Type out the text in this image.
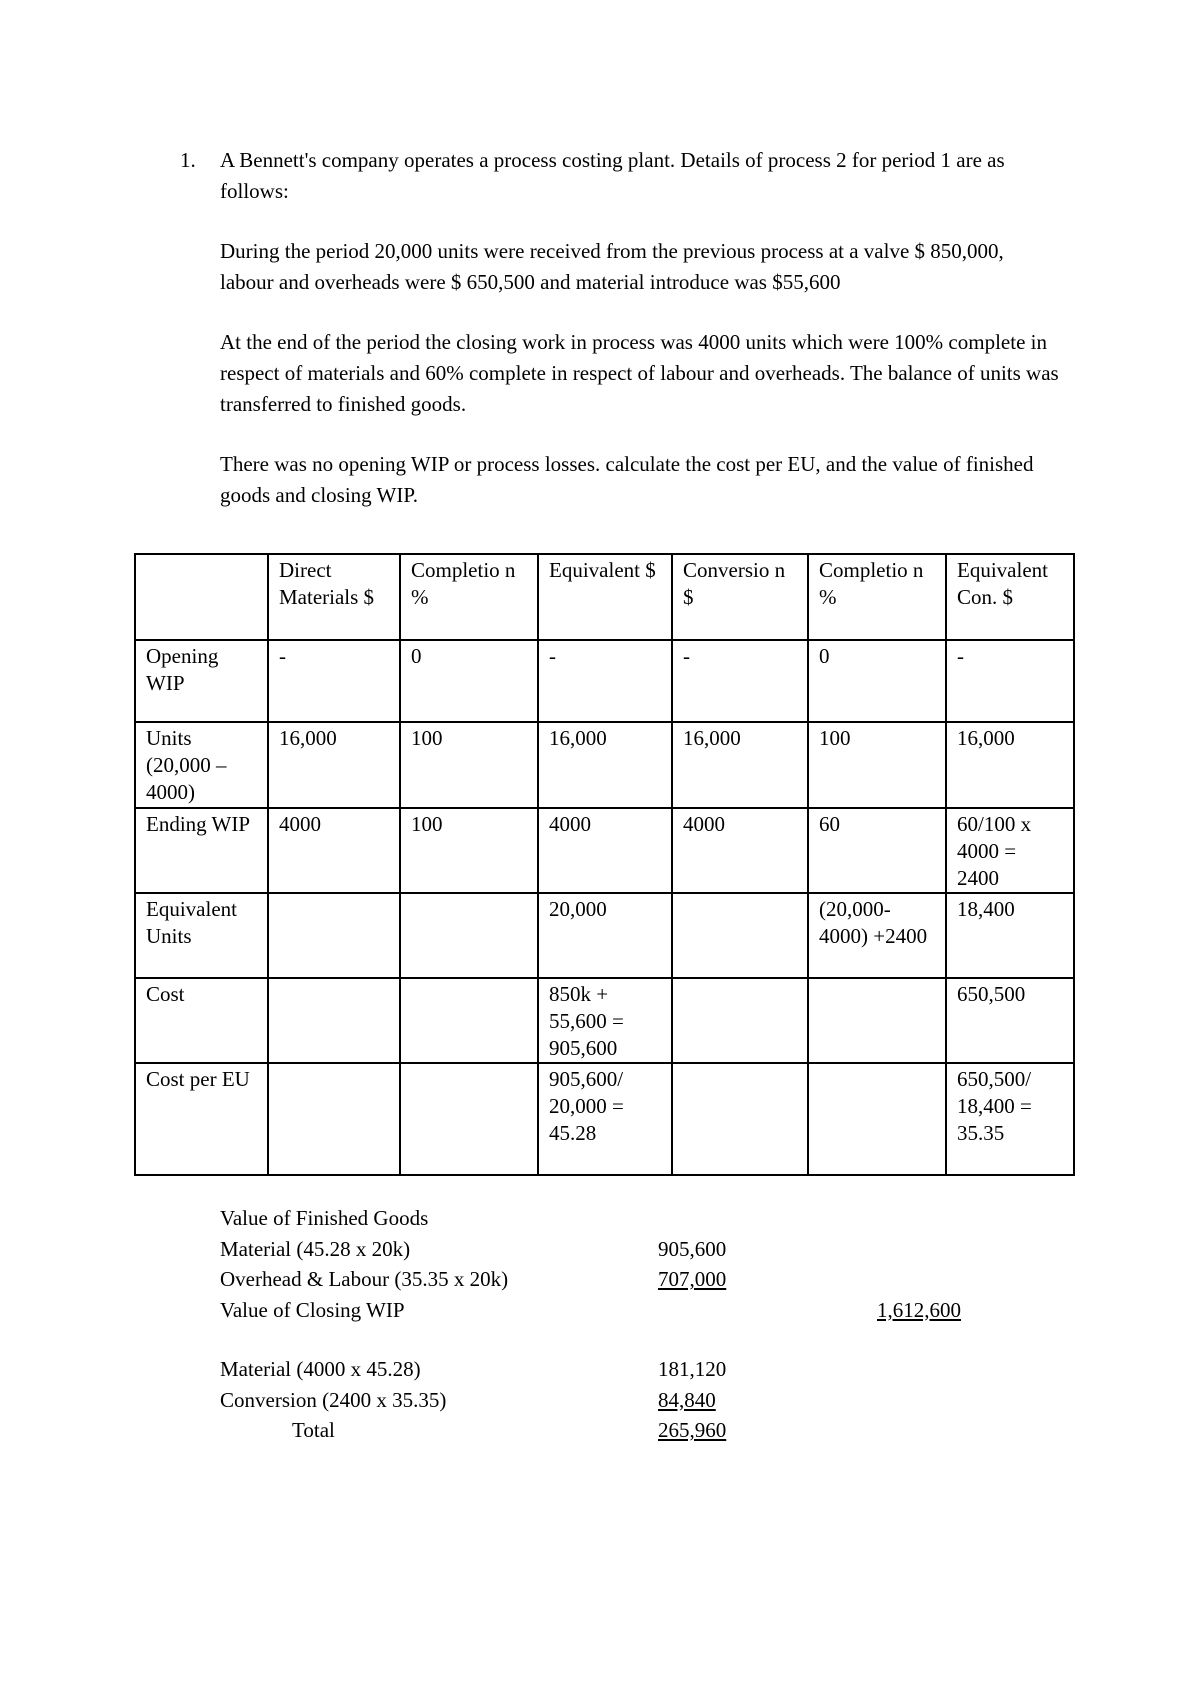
1.	A Bennett's company operates a process costing plant. Details of process 2 for period 1 are as follows:

During the period 20,000 units were received from the previous process at a valve $ 850,000, labour and overheads were $ 650,500 and material introduce was $55,600

At the end of the period the closing work in process was 4000 units which were 100% complete in respect of materials and 60% complete in respect of labour and overheads. The balance of units was transferred to finished goods.

There was no opening WIP or process losses. calculate the cost per EU, and the value of finished goods and closing WIP.

	Direct Materials $	Completio n %	Equivalent $	Conversio n $	Completio n %	Equivalent Con. $
Opening WIP	-	0	-	-	0	-
Units (20,000 – 4000)	16,000	100	16,000	16,000	100	16,000
Ending WIP	4000	100	4000	4000	60	60/100 x 4000 = 2400
Equivalent Units			20,000		(20,000-4000) +2400	18,400
Cost			850k + 55,600 = 905,600			650,500
Cost per EU			905,600/ 20,000 = 45.28			650,500/ 18,400 = 35.35
Value of Finished Goods
Material (45.28 x 20k)	905,600
Overhead & Labour (35.35 x 20k)	707,000
Value of Closing WIP	1,612,600
Material (4000 x 45.28)	181,120
Conversion (2400 x 35.35)	84,840
Total	265,960
